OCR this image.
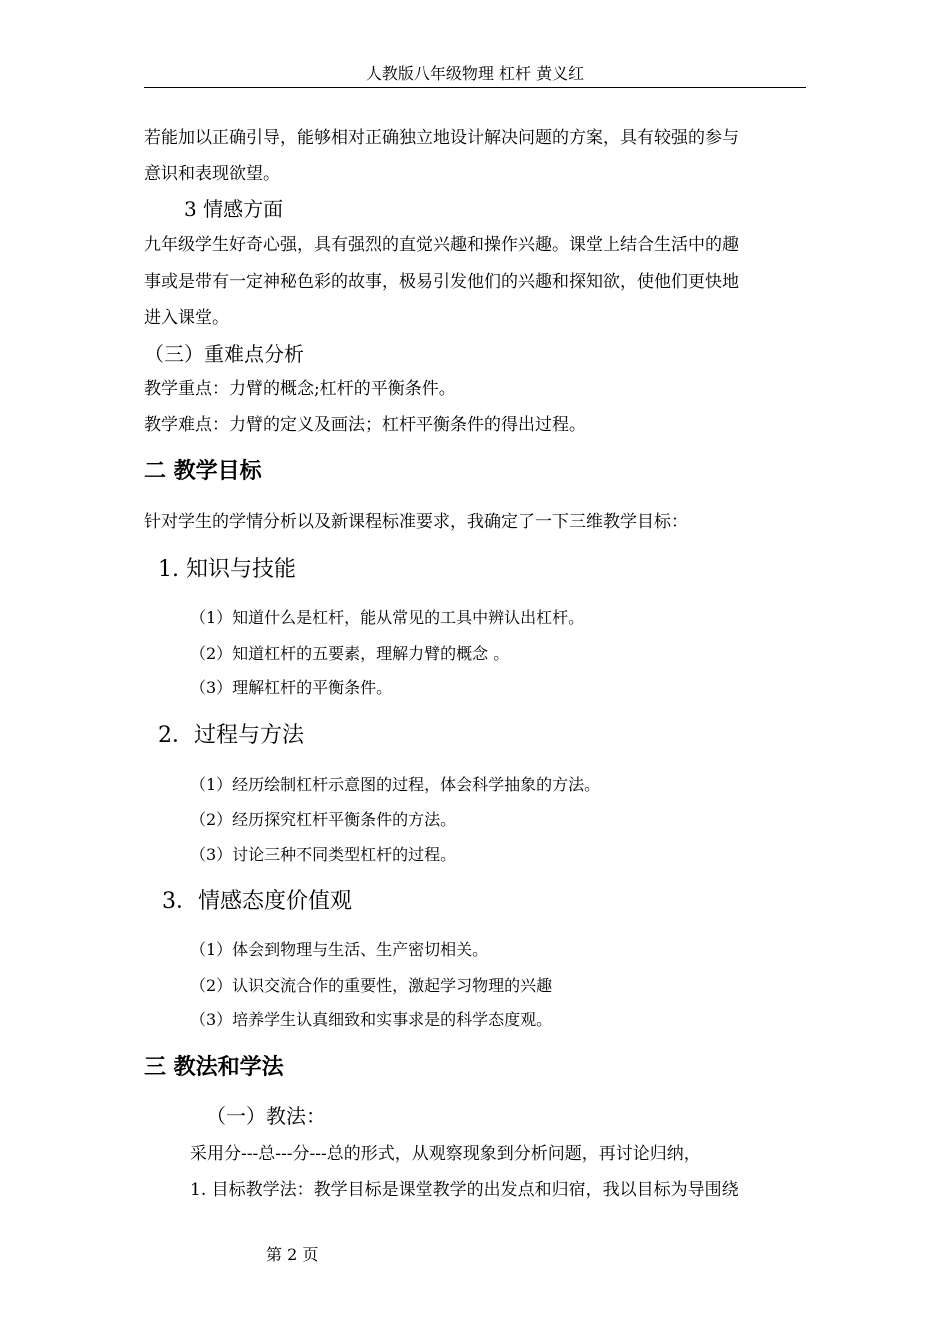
人教版八年级物理 杠杆 黄义红
若能加以正确引导，能够相对正确独立地设计解决问题的方案，具有较强的参与
意识和表现欲望。
3 情感方面
九年级学生好奇心强，具有强烈的直觉兴趣和操作兴趣。课堂上结合生活中的趣
事或是带有一定神秘色彩的故事，极易引发他们的兴趣和探知欲，使他们更快地
进入课堂。
（三）重难点分析
教学重点：力臂的概念;杠杆的平衡条件。
教学难点：力臂的定义及画法；杠杆平衡条件的得出过程。
二 教学目标
针对学生的学情分析以及新课程标准要求，我确定了一下三维教学目标：
1. 知识与技能
（1）知道什么是杠杆，能从常见的工具中辨认出杠杆。
（2）知道杠杆的五要素，理解力臂的概念 。
（3）理解杠杆的平衡条件。
2．过程与方法
（1）经历绘制杠杆示意图的过程，体会科学抽象的方法。
（2）经历探究杠杆平衡条件的方法。
（3）讨论三种不同类型杠杆的过程。
3．情感态度价值观
（1）体会到物理与生活、生产密切相关。
（2）认识交流合作的重要性，激起学习物理的兴趣
（3）培养学生认真细致和实事求是的科学态度观。
三 教法和学法
（一）教法：
采用分---总---分---总的形式，从观察现象到分析问题，再讨论归纳，
1. 目标教学法：教学目标是课堂教学的出发点和归宿，我以目标为导围绕
第 2 页
